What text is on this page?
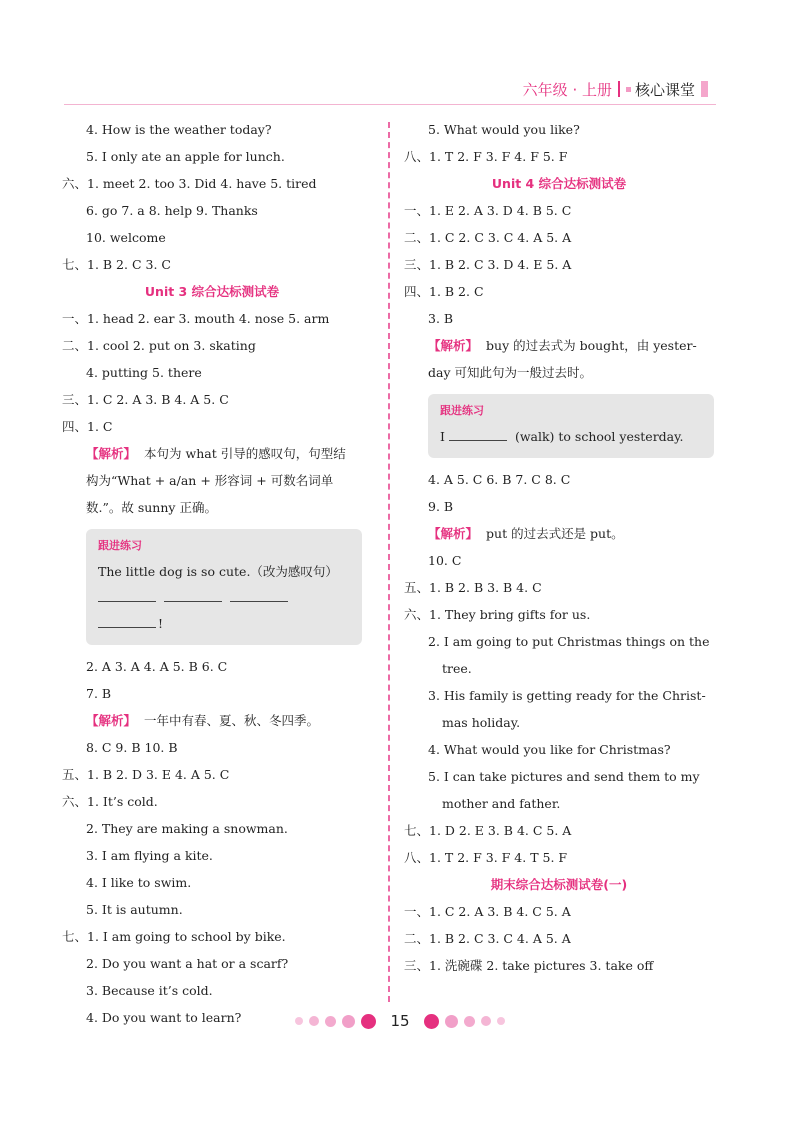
六年级 · 上册 核心课堂
4. How is the weather today?
5. I only ate an apple for lunch.
六、1. meet 2. too 3. Did 4. have 5. tired
6. go 7. a 8. help 9. Thanks
10. welcome
七、1. B 2. C 3. C
Unit 3 综合达标测试卷
一、1. head 2. ear 3. mouth 4. nose 5. arm
二、1. cool 2. put on 3. skating
4. putting 5. there
三、1. C 2. A 3. B 4. A 5. C
四、1. C
【解析】 本句为 what 引导的感叹句，句型结
构为“What + a/an + 形容词 + 可数名词单
数.”。故 sunny 正确。
跟进练习
The little dog is so cute.（改为感叹句）
!
2. A 3. A 4. A 5. B 6. C
7. B
【解析】 一年中有春、夏、秋、冬四季。
8. C 9. B 10. B
五、1. B 2. D 3. E 4. A 5. C
六、1. It’s cold.
2. They are making a snowman.
3. I am flying a kite.
4. I like to swim.
5. It is autumn.
七、1. I am going to school by bike.
2. Do you want a hat or a scarf?
3. Because it’s cold.
4. Do you want to learn?
5. What would you like?
八、1. T 2. F 3. F 4. F 5. F
Unit 4 综合达标测试卷
一、1. E 2. A 3. D 4. B 5. C
二、1. C 2. C 3. C 4. A 5. A
三、1. B 2. C 3. D 4. E 5. A
四、1. B 2. C
3. B
【解析】 buy 的过去式为 bought，由 yester-
day 可知此句为一般过去时。
跟进练习
I	(walk) to school yesterday.
4. A 5. C 6. B 7. C 8. C
9. B
【解析】 put 的过去式还是 put。
10. C
五、1. B 2. B 3. B 4. C
六、1. They bring gifts for us.
2. I am going to put Christmas things on the
tree.
3. His family is getting ready for the Christ-
mas holiday.
4. What would you like for Christmas?
5. I can take pictures and send them to my
mother and father.
七、1. D 2. E 3. B 4. C 5. A
八、1. T 2. F 3. F 4. T 5. F
期末综合达标测试卷(一)
一、1. C 2. A 3. B 4. C 5. A
二、1. B 2. C 3. C 4. A 5. A
三、1. 洗碗碟 2. take pictures 3. take off
15
